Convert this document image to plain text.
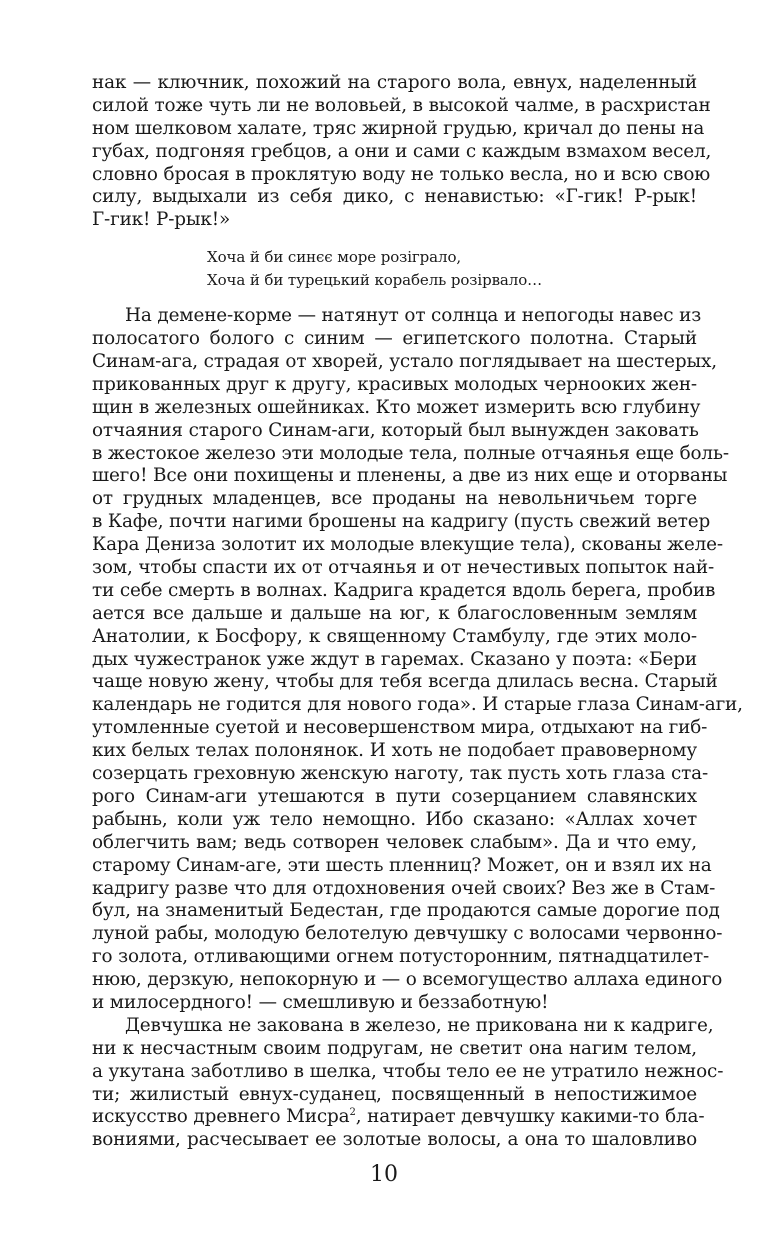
нак — ключник, похожий на старого вола, евнух, наделенный
силой тоже чуть ли не воловьей, в высокой чалме, в расхристан
ном шелковом халате, тряс жирной грудью, кричал до пены на
губах, подгоняя гребцов, а они и сами с каждым взмахом весел,
словно бросая в проклятую воду не только весла, но и всю свою
силу, выдыхали из себя дико, с ненавистью: «Г-гик! Р-рык!
Г-гик! Р-рык!»
Хоча й би синєє море розіграло,
Хоча й би турецький корабель розірвало…
На демене-корме — натянут от солнца и непогоды навес из
полосатого болого с синим — египетского полотна. Старый
Синам-ага, страдая от хворей, устало поглядывает на шестерых,
прикованных друг к другу, красивых молодых черноокиx жен-
щин в железных ошейниках. Кто может измерить всю глубину
отчаяния старого Синам-аги, который был вынужден заковать
в жестокое железо эти молодые тела, полные отчаянья еще боль-
шего! Все они похищены и пленены, а две из них еще и оторваны
от грудных младенцев, все проданы на невольничьем торге
в Кафе, почти нагими брошены на кадригу (пусть свежий ветер
Кара Дениза золотит их молодые влекущие тела), скованы желе-
зом, чтобы спасти их от отчаянья и от нечестивых попыток най-
ти себе смерть в волнах. Кадрига крадется вдоль берега, пробив
ается все дальше и дальше на юг, к благословенным землям
Анатолии, к Босфору, к священному Стамбулу, где этих моло-
дых чужестранок уже ждут в гаремах. Сказано у поэта: «Бери
чаще новую жену, чтобы для тебя всегда длилась весна. Старый
календарь не годится для нового года». И старые глаза Синам-аги,
утомленные суетой и несовершенством мира, отдыхают на гиб-
ких белых телах полонянок. И хоть не подобает правоверному
созерцать греховную женскую наготу, так пусть хоть глаза ста-
рого Синам-аги утешаются в пути созерцанием славянских
рабынь, коли уж тело немощно. Ибо сказано: «Аллах хочет
облегчить вам; ведь сотворен человек слабым». Да и что ему,
старому Синам-аге, эти шесть пленниц? Может, он и взял их на
кадригу разве что для отдохновения очей своих? Вез же в Стам-
бул, на знаменитый Бедестан, где продаются самые дорогие под
луной рабы, молодую белотелую девчушку с волосами червонно-
го золота, отливающими огнем потусторонним, пятнадцатилет-
нюю, дерзкую, непокорную и — о всемогущество аллаха единого
и милосердного! — смешливую и беззаботную!
Девчушка не закована в железо, не прикована ни к кадриге,
ни к несчастным своим подругам, не светит она нагим телом,
а укутана заботливо в шелка, чтобы тело ее не утратило нежнос-
ти; жилистый евнух-суданец, посвященный в непостижимое
искусство древнего Мисра$^2$, натирает девчушку какими-то бла-
вониями, расчесывает ее золотые волосы, а она то шаловливо
10
